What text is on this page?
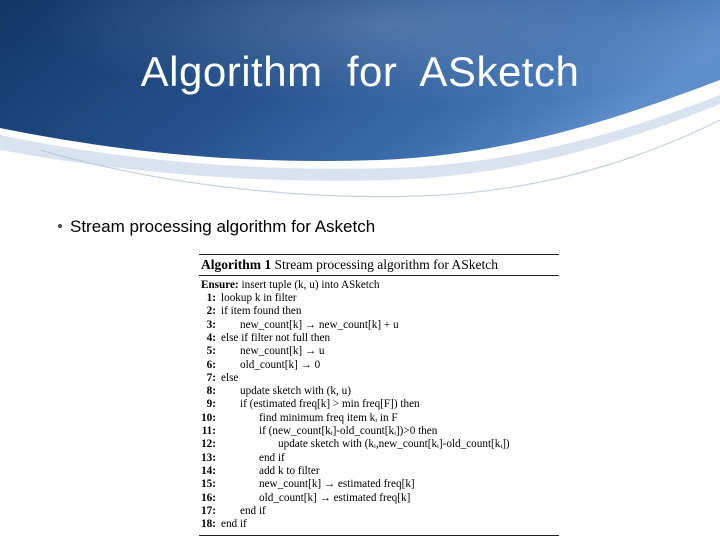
Algorithm  for  ASketch
Stream processing algorithm for Asketch
Algorithm 1 Stream processing algorithm for ASketch
Ensure: insert tuple (k, u) into ASketch
1: lookup k in filter
2: if item found then
3: new_count[k] → new_count[k] + u
4: else if filter not full then
5: new_count[k] → u
6: old_count[k] → 0
7: else
8: update sketch with (k, u)
9: if (estimated freq[k] > min freq[F]) then
10:	find minimum freq item kᵢ in F
11:	if (new_count[kᵢ]-old_count[kᵢ])>0 then
12:	update sketch with (kᵢ,new_count[kᵢ]-old_count[kᵢ])
13:	end if
14:	add k to filter
15:	new_count[k] → estimated freq[k]
16:	old_count[k] → estimated freq[k]
17: end if
18: end if
